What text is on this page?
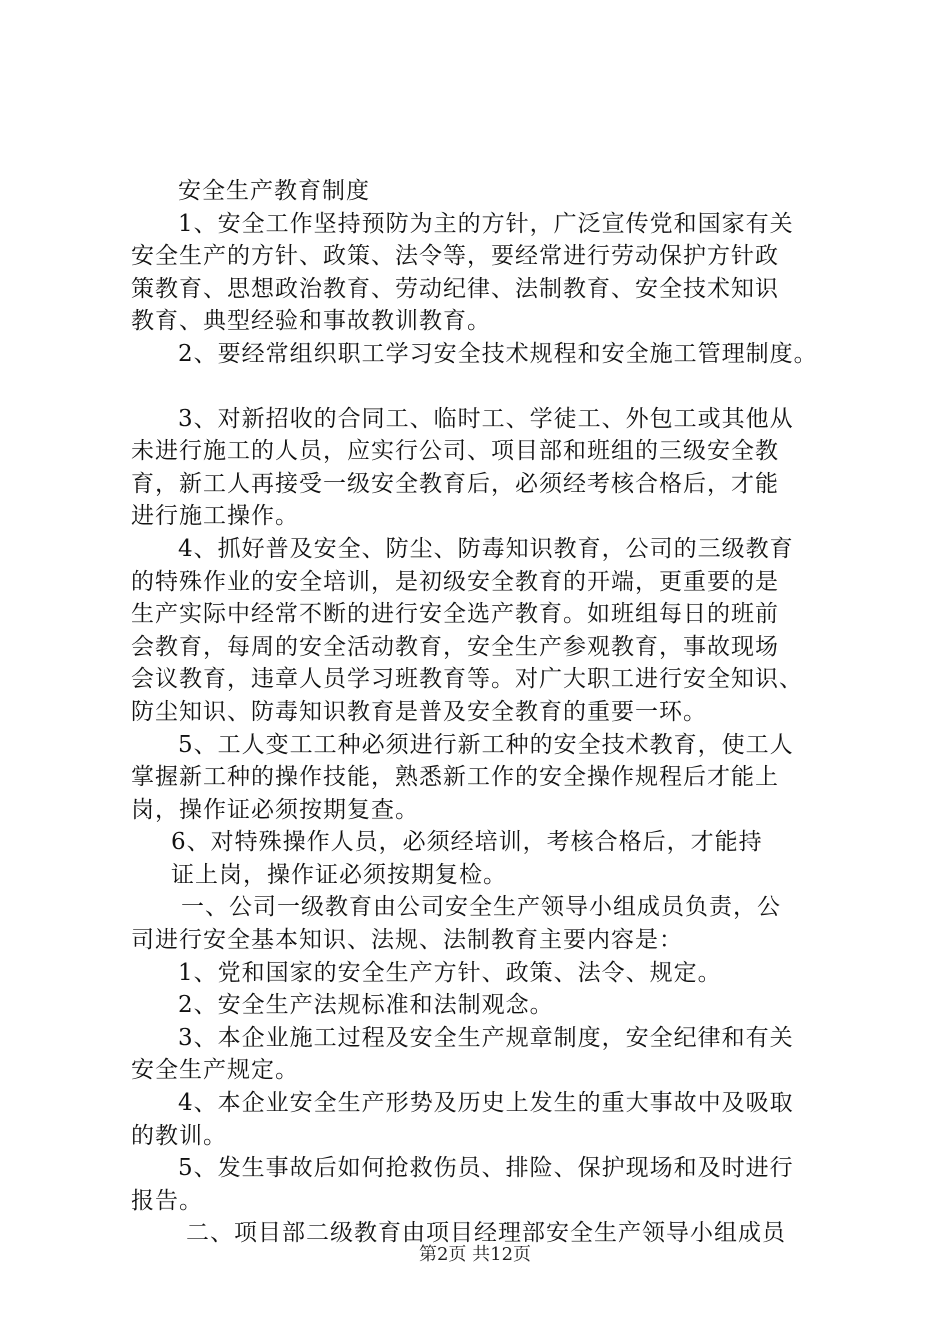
安全生产教育制度
1、安全工作坚持预防为主的方针，广泛宣传党和国家有关
安全生产的方针、政策、法令等，要经常进行劳动保护方针政
策教育、思想政治教育、劳动纪律、法制教育、安全技术知识
教育、典型经验和事故教训教育。
2、要经常组织职工学习安全技术规程和安全施工管理制度。
3、对新招收的合同工、临时工、学徒工、外包工或其他从
未进行施工的人员，应实行公司、项目部和班组的三级安全教
育，新工人再接受一级安全教育后，必须经考核合格后，才能
进行施工操作。
4、抓好普及安全、防尘、防毒知识教育，公司的三级教育
的特殊作业的安全培训，是初级安全教育的开端，更重要的是
生产实际中经常不断的进行安全选产教育。如班组每日的班前
会教育，每周的安全活动教育，安全生产参观教育，事故现场
会议教育，违章人员学习班教育等。对广大职工进行安全知识、
防尘知识、防毒知识教育是普及安全教育的重要一环。
5、工人变工工种必须进行新工种的安全技术教育，使工人
掌握新工种的操作技能，熟悉新工作的安全操作规程后才能上
岗，操作证必须按期复查。
6、对特殊操作人员，必须经培训，考核合格后，才能持
证上岗，操作证必须按期复检。
一、公司一级教育由公司安全生产领导小组成员负责，公
司进行安全基本知识、法规、法制教育主要内容是：
1、党和国家的安全生产方针、政策、法令、规定。
2、安全生产法规标准和法制观念。
3、本企业施工过程及安全生产规章制度，安全纪律和有关
安全生产规定。
4、本企业安全生产形势及历史上发生的重大事故中及吸取
的教训。
5、发生事故后如何抢救伤员、排险、保护现场和及时进行
报告。
二、项目部二级教育由项目经理部安全生产领导小组成员
第2页 共12页
